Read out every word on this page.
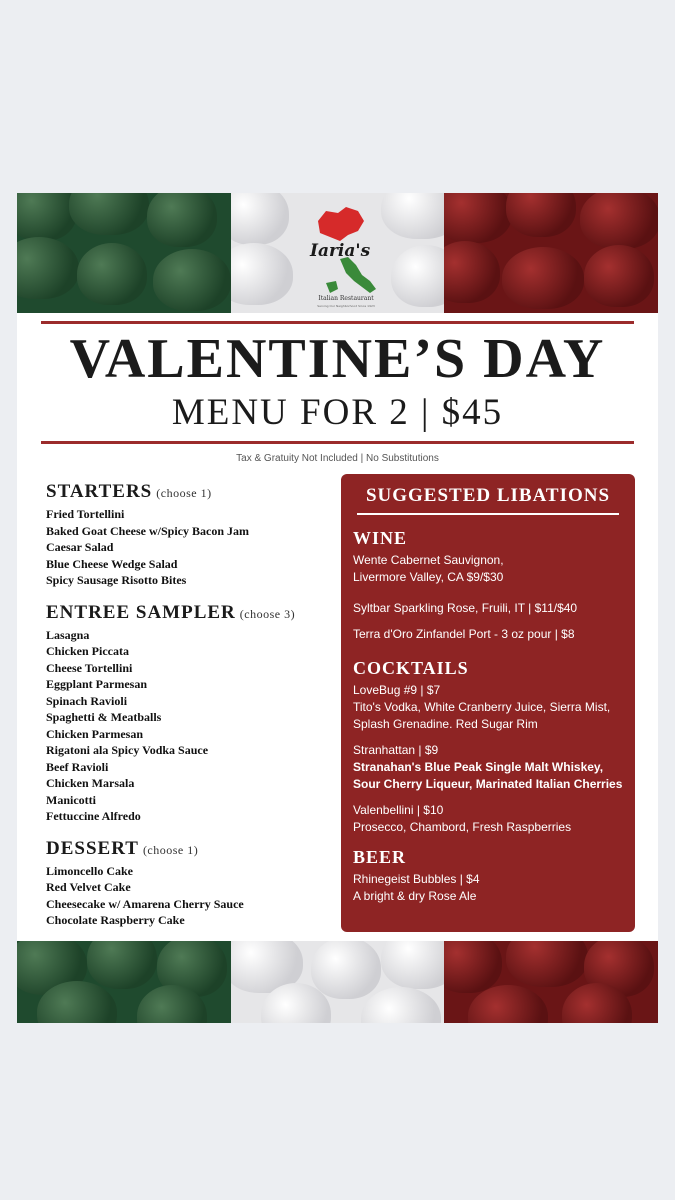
Iaria's
Italian Restaurant
Serving Our Neighborhood Since 1923
VALENTINE’S DAY
MENU FOR 2 | $45
Tax & Gratuity Not Included | No Substitutions
STARTERS (choose 1)
Fried Tortellini
Baked Goat Cheese w/Spicy Bacon Jam
Caesar Salad
Blue Cheese Wedge Salad
Spicy Sausage Risotto Bites
ENTREE SAMPLER (choose 3)
Lasagna
Chicken Piccata
Cheese Tortellini
Eggplant Parmesan
Spinach Ravioli
Spaghetti & Meatballs
Chicken Parmesan
Rigatoni ala Spicy Vodka Sauce
Beef Ravioli
Chicken Marsala
Manicotti
Fettuccine Alfredo
DESSERT (choose 1)
Limoncello Cake
Red Velvet Cake
Cheesecake w/ Amarena Cherry Sauce
Chocolate Raspberry Cake
SUGGESTED LIBATIONS
WINE
Wente Cabernet Sauvignon,
Livermore Valley, CA $9/$30
Syltbar Sparkling Rose, Fruili, IT | $11/$40
Terra d'Oro Zinfandel Port - 3 oz pour | $8
COCKTAILS
LoveBug #9 | $7
Tito's Vodka, White Cranberry Juice, Sierra Mist, Splash Grenadine. Red Sugar Rim
Stranhattan | $9
Stranahan's Blue Peak Single Malt Whiskey, Sour Cherry Liqueur, Marinated Italian Cherries
Valenbellini | $10
Prosecco, Chambord, Fresh Raspberries
BEER
Rhinegeist Bubbles | $4
A bright & dry Rose Ale
